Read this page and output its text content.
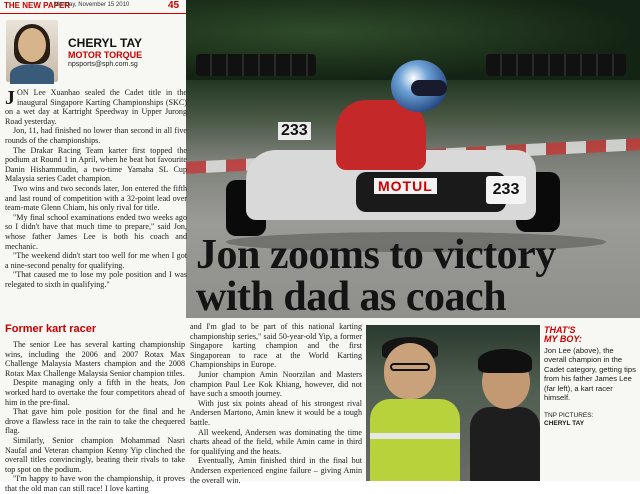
THE NEW PAPER
Monday, November 15 2010	45
CHERYL TAY
MOTOR TORQUE
npsports@sph.com.sg
233
MOTUL	233
Jon zooms to victory with dad as coach

JON Lee Xuanhao sealed the Cadet title in the inaugural Singapore Karting Championships (SKC) on a wet day at Kartright Speedway in Upper Jurong Road yesterday.

Jon, 11, had finished no lower than second in all five rounds of the championships.

The Drakar Racing Team karter first topped the podium at Round 1 in April, when he beat hot favourite Danin Hishammudin, a two-time Yamaha SL Cup Malaysia series Cadet champion.

Two wins and two seconds later, Jon entered the fifth and last round of competition with a 32-point lead over team-mate Glenn Chiam, his only rival for title.

"My final school examinations ended two weeks ago so I didn't have that much time to prepare," said Jon, whose father James Lee is both his coach and mechanic.

"The weekend didn't start too well for me when I got a nine-second penalty for qualifying.

"That caused me to lose my pole position and I was relegated to sixth in qualifying."

Former kart racer

The senior Lee has several karting championship wins, including the 2006 and 2007 Rotax Max Challenge Malaysia Masters champion and the 2008 Rotax Max Challenge Malaysia Senior champion titles.

Despite managing only a fifth in the heats, Jon worked hard to overtake the four competitors ahead of him in the pre-final.

That gave him pole position for the final and he drove a flawless race in the rain to take the chequered flag.

Similarly, Senior champion Mohammad Nasri Naufal and Veteran champion Kenny Yip clinched the overall titles convincingly, beating their rivals to take top spot on the podium.

"I'm happy to have won the championship, it proves that the old man can still race! I love karting

and I'm glad to be part of this national karting championship series," said 50-year-old Yip, a former Singapore karting champion and the first Singaporean to race at the World Karting Championships in Europe.

Junior champion Amin Noorzilan and Masters champion Paul Lee Kok Khiang, however, did not have such a smooth journey.

With just six points ahead of his strongest rival Andersen Martono, Amin knew it would be a tough battle.

All weekend, Andersen was dominating the time charts ahead of the field, while Amin came in third for qualifying and the heats.

Eventually, Amin finished third in the final but Andersen experienced engine failure – giving Amin the overall win.

THAT'S
MY BOY:
Jon Lee (above), the overall champion in the Cadet category, getting tips from his father James Lee (far left), a kart racer himself.
TNP PICTURES:
CHERYL TAY
